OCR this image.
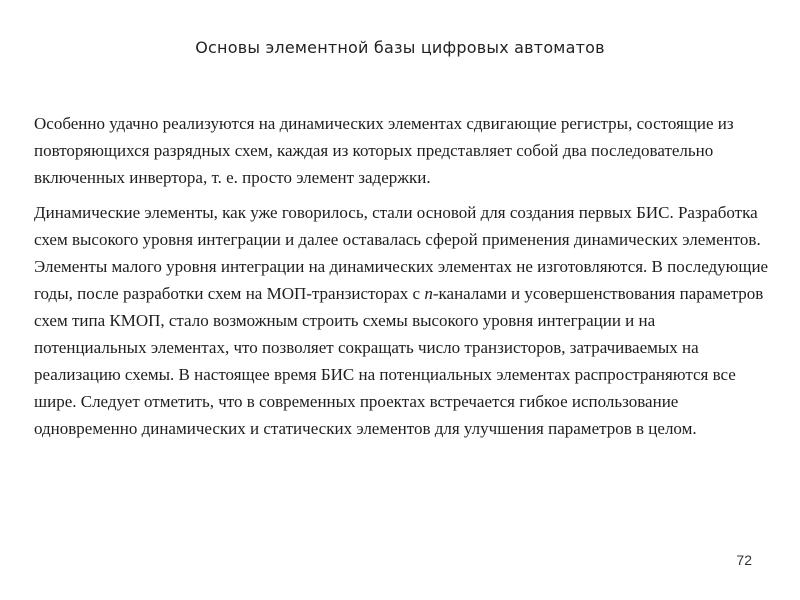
Основы элементной базы цифровых автоматов

Особенно удачно реализуются на динамических элементах сдвигающие регистры, состоящие из повторяющихся разрядных схем, каждая из которых представляет собой два последовательно включенных инвертора, т. е. просто элемент задержки.

Динамические элементы, как уже говорилось, стали основой для создания первых БИС. Разработка схем высокого уровня интеграции и далее оставалась сферой применения динамических элементов. Элементы малого уровня интеграции на динамических элементах не изготовляются. В последующие годы, после разработки схем на МОП-транзисторах с n-каналами и усовершенствования параметров схем типа КМОП, стало возможным строить схемы высокого уровня интеграции и на потенциальных элементах, что позволяет сокращать число транзисторов, затрачиваемых на реализацию схемы. В настоящее время БИС на потенциальных элементах распространяются все шире. Следует отметить, что в современных проектах встречается гибкое использование одновременно динамических и статических элементов для улучшения параметров в целом.

72
